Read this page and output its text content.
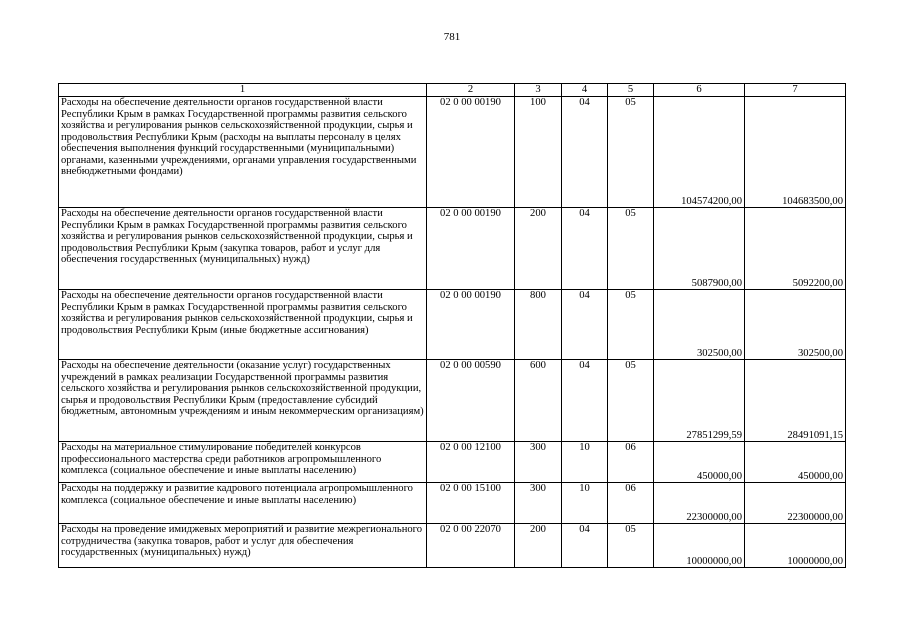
781
1	2	3	4	5	6	7
Расходы на обеспечение деятельности органов государственной власти Республики Крым в рамках Государственной программы развития сельского хозяйства и регулирования рынков сельскохозяйственной продукции, сырья и продовольствия Республики Крым (расходы на выплаты персоналу в целях обеспечения выполнения функций государственными (муниципальными) органами, казенными учреждениями, органами управления государственными внебюджетными фондами)	02 0 00 00190	100	04	05	104574200,00	104683500,00
Расходы на обеспечение деятельности органов государственной власти Республики Крым в рамках Государственной программы развития сельского хозяйства и регулирования рынков сельскохозяйственной продукции, сырья и продовольствия Республики Крым (закупка товаров, работ и услуг для обеспечения государственных (муниципальных) нужд)	02 0 00 00190	200	04	05	5087900,00	5092200,00
Расходы на обеспечение деятельности органов государственной власти Республики Крым в рамках Государственной программы развития сельского хозяйства и регулирования рынков сельскохозяйственной продукции, сырья и продовольствия Республики Крым (иные бюджетные ассигнования)	02 0 00 00190	800	04	05	302500,00	302500,00
Расходы на обеспечение деятельности (оказание услуг) государственных учреждений в рамках реализации Государственной программы развития сельского хозяйства и регулирования рынков сельскохозяйственной продукции, сырья и продовольствия Республики Крым (предоставление субсидий бюджетным, автономным учреждениям и иным некоммерческим организациям)	02 0 00 00590	600	04	05	27851299,59	28491091,15
Расходы на материальное стимулирование победителей конкурсов профессионального мастерства среди работников агропромышленного комплекса (социальное обеспечение и иные выплаты населению)	02 0 00 12100	300	10	06	450000,00	450000,00
Расходы на поддержку и развитие кадрового потенциала агропромышленного комплекса (социальное обеспечение и иные выплаты населению)	02 0 00 15100	300	10	06	22300000,00	22300000,00
Расходы на проведение имиджевых мероприятий и развитие межрегионального сотрудничества (закупка товаров, работ и услуг для обеспечения государственных (муниципальных) нужд)	02 0 00 22070	200	04	05	10000000,00	10000000,00
